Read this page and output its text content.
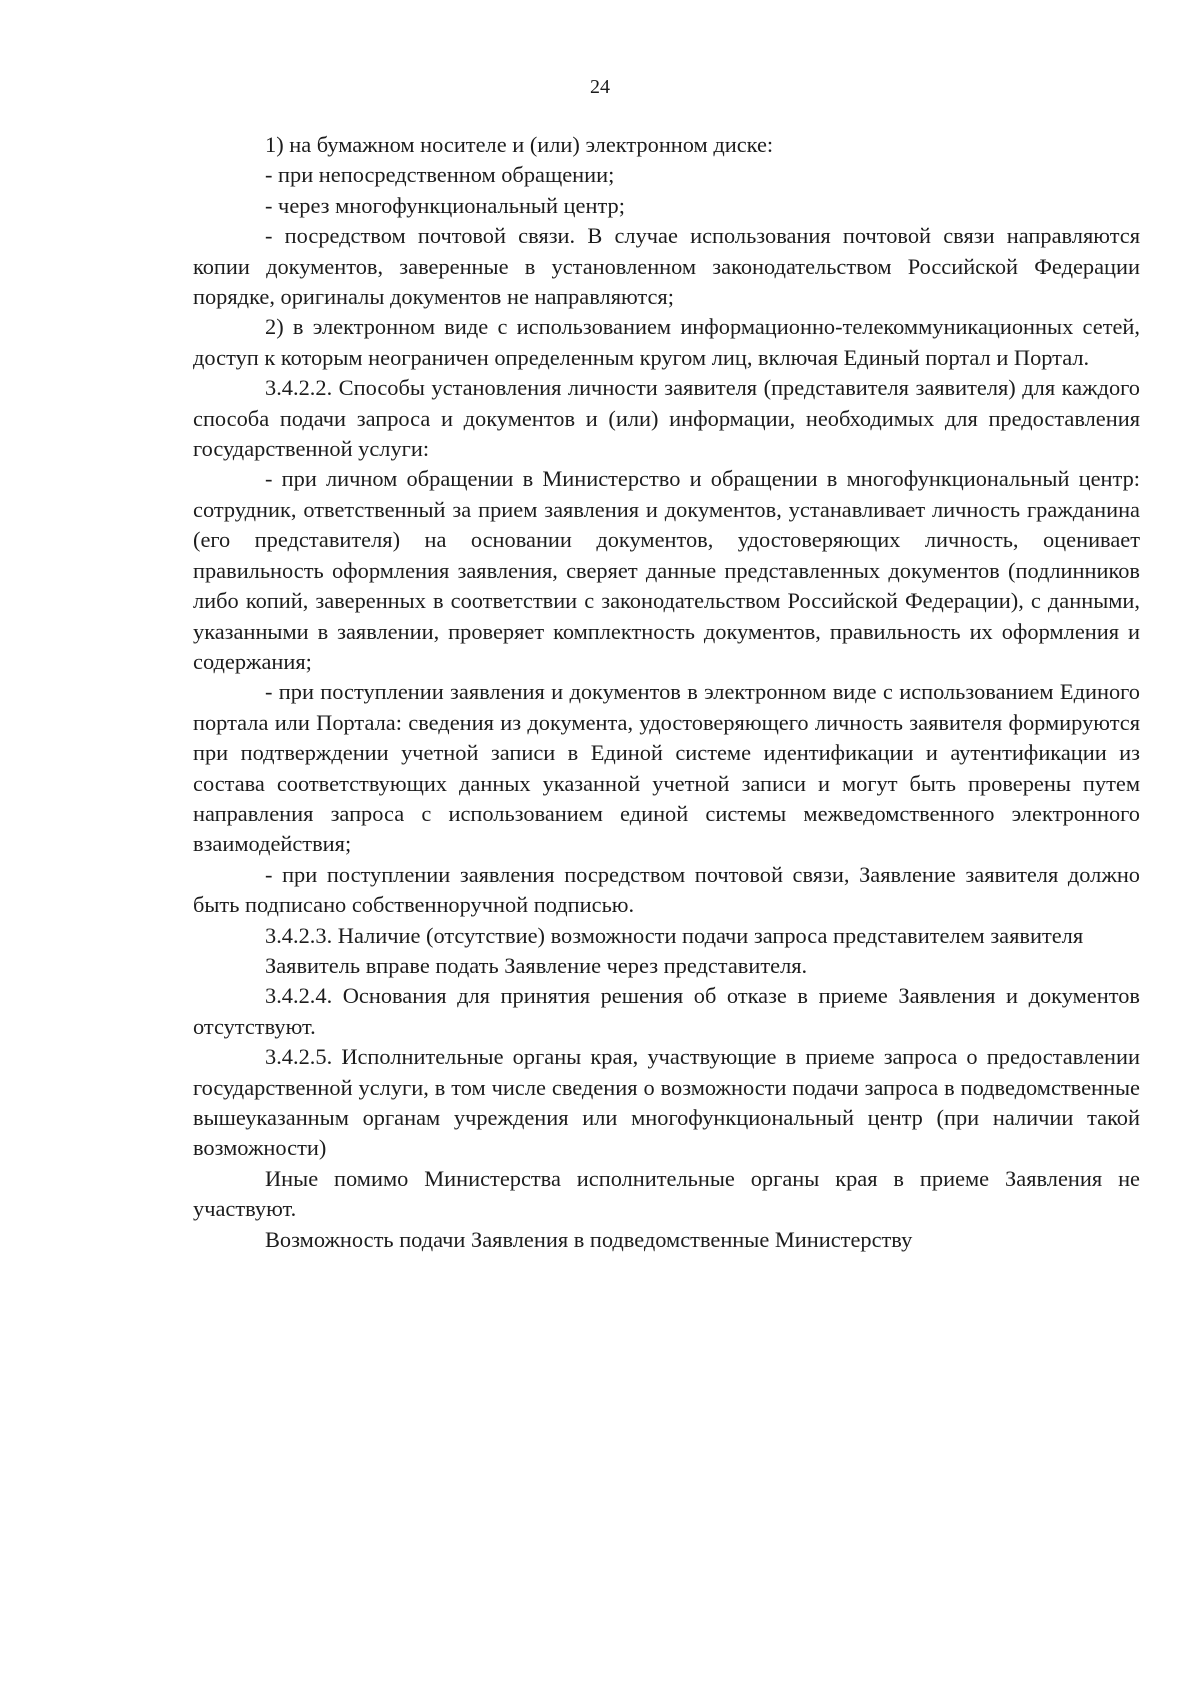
24

1) на бумажном носителе и (или) электронном диске:

- при непосредственном обращении;

- через многофункциональный центр;

- посредством почтовой связи. В случае использования почтовой связи направляются копии документов, заверенные в установленном законодательством Российской Федерации порядке, оригиналы документов не направляются;

2) в электронном виде с использованием информационно-телекоммуникационных сетей, доступ к которым неограничен определенным кругом лиц, включая Единый портал и Портал.

3.4.2.2. Способы установления личности заявителя (представителя заявителя) для каждого способа подачи запроса и документов и (или) информации, необходимых для предоставления государственной услуги:

- при личном обращении в Министерство и обращении в многофункциональный центр: сотрудник, ответственный за прием заявления и документов, устанавливает личность гражданина (его представителя) на основании документов, удостоверяющих личность, оценивает правильность оформления заявления, сверяет данные представленных документов (подлинников либо копий, заверенных в соответствии с законодательством Российской Федерации), с данными, указанными в заявлении, проверяет комплектность документов, правильность их оформления и содержания;

- при поступлении заявления и документов в электронном виде с использованием Единого портала или Портала: сведения из документа, удостоверяющего личность заявителя формируются при подтверждении учетной записи в Единой системе идентификации и аутентификации из состава соответствующих данных указанной учетной записи и могут быть проверены путем направления запроса с использованием единой системы межведомственного электронного взаимодействия;

- при поступлении заявления посредством почтовой связи, Заявление заявителя должно быть подписано собственноручной подписью.

3.4.2.3. Наличие (отсутствие) возможности подачи запроса представителем заявителя

Заявитель вправе подать Заявление через представителя.

3.4.2.4. Основания для принятия решения об отказе в приеме Заявления и документов отсутствуют.

3.4.2.5. Исполнительные органы края, участвующие в приеме запроса о предоставлении государственной услуги, в том числе сведения о возможности подачи запроса в подведомственные вышеуказанным органам учреждения или многофункциональный центр (при наличии такой возможности)

Иные помимо Министерства исполнительные органы края в приеме Заявления не участвуют.

Возможность подачи Заявления в подведомственные Министерству
